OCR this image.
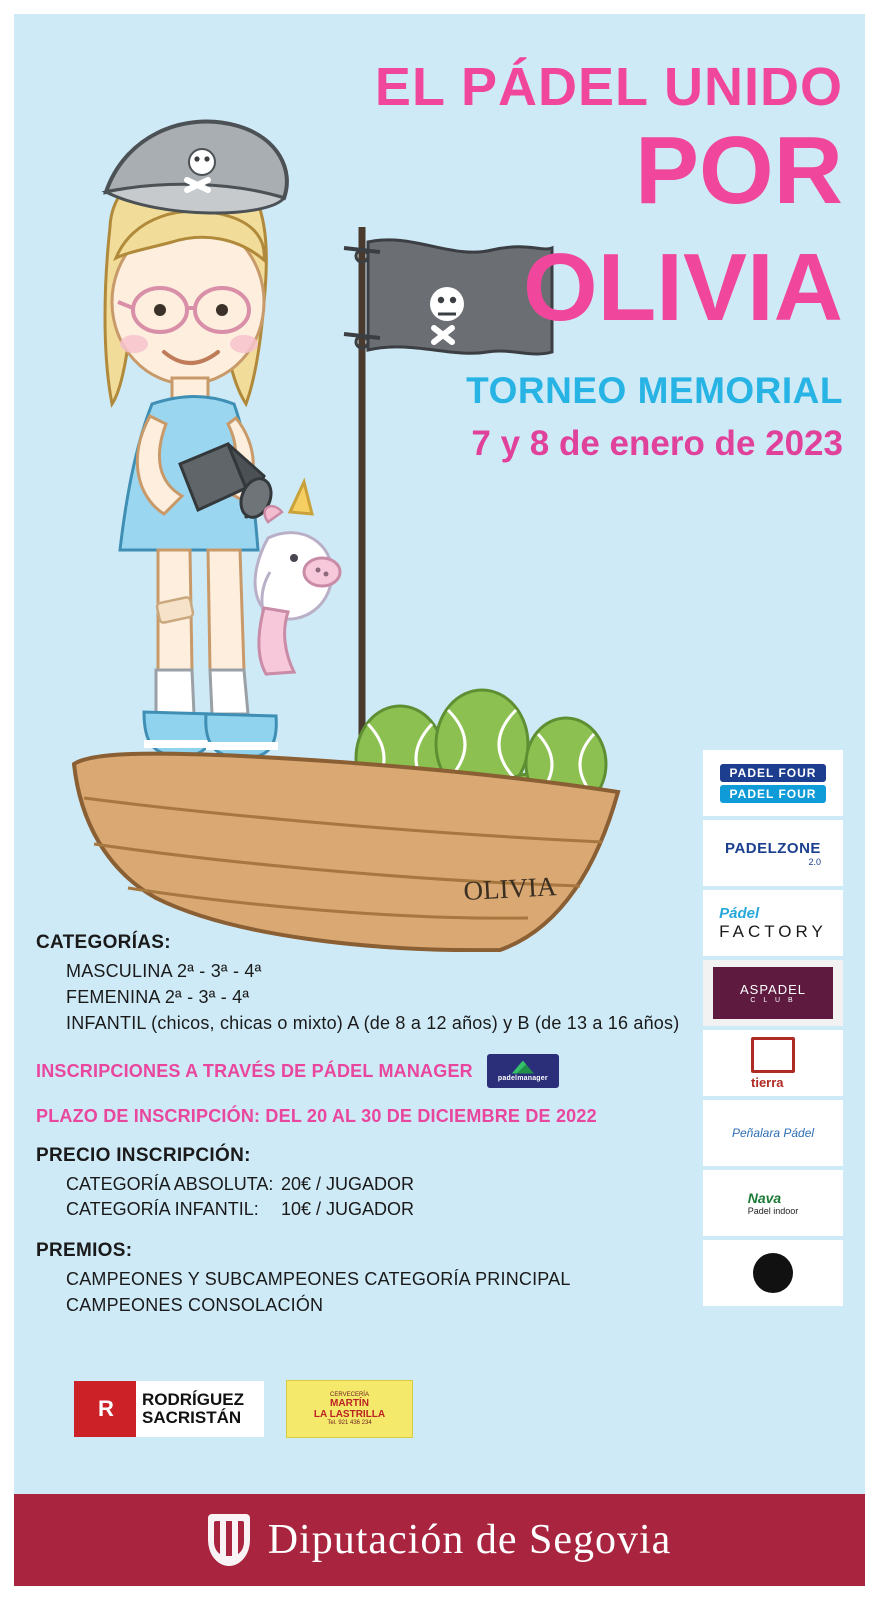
OLIVIA
EL PÁDEL UNIDO
POR
OLIVIA
TORNEO MEMORIAL
7 y 8 de enero de 2023
CATEGORÍAS:
MASCULINA 2ª - 3ª - 4ª
FEMENINA 2ª - 3ª - 4ª
INFANTIL (chicos, chicas o mixto) A (de 8 a 12 años) y B (de 13 a 16 años)
INSCRIPCIONES A TRAVÉS DE PÁDEL MANAGER	padelmanager
PLAZO DE INSCRIPCIÓN: DEL 20 AL 30 DE DICIEMBRE DE 2022
PRECIO INSCRIPCIÓN:
CATEGORÍA ABSOLUTA: 20€ / JUGADOR
CATEGORÍA INFANTIL:	10€ / JUGADOR
PREMIOS:
CAMPEONES Y SUBCAMPEONES CATEGORÍA PRINCIPAL
CAMPEONES CONSOLACIÓN
PADEL FOUR
PADEL FOUR
PADELZONE
2.0
Pádel
FACTORY
ASPADEL
C L U B
tierra
Peñalara Pádel
Nava
Padel indoor
R RODRÍGUEZ
SACRISTÁN
CERVECERÍA
MARTÍN
LA LASTRILLA
Tel. 921 436 234
Diputación de Segovia
